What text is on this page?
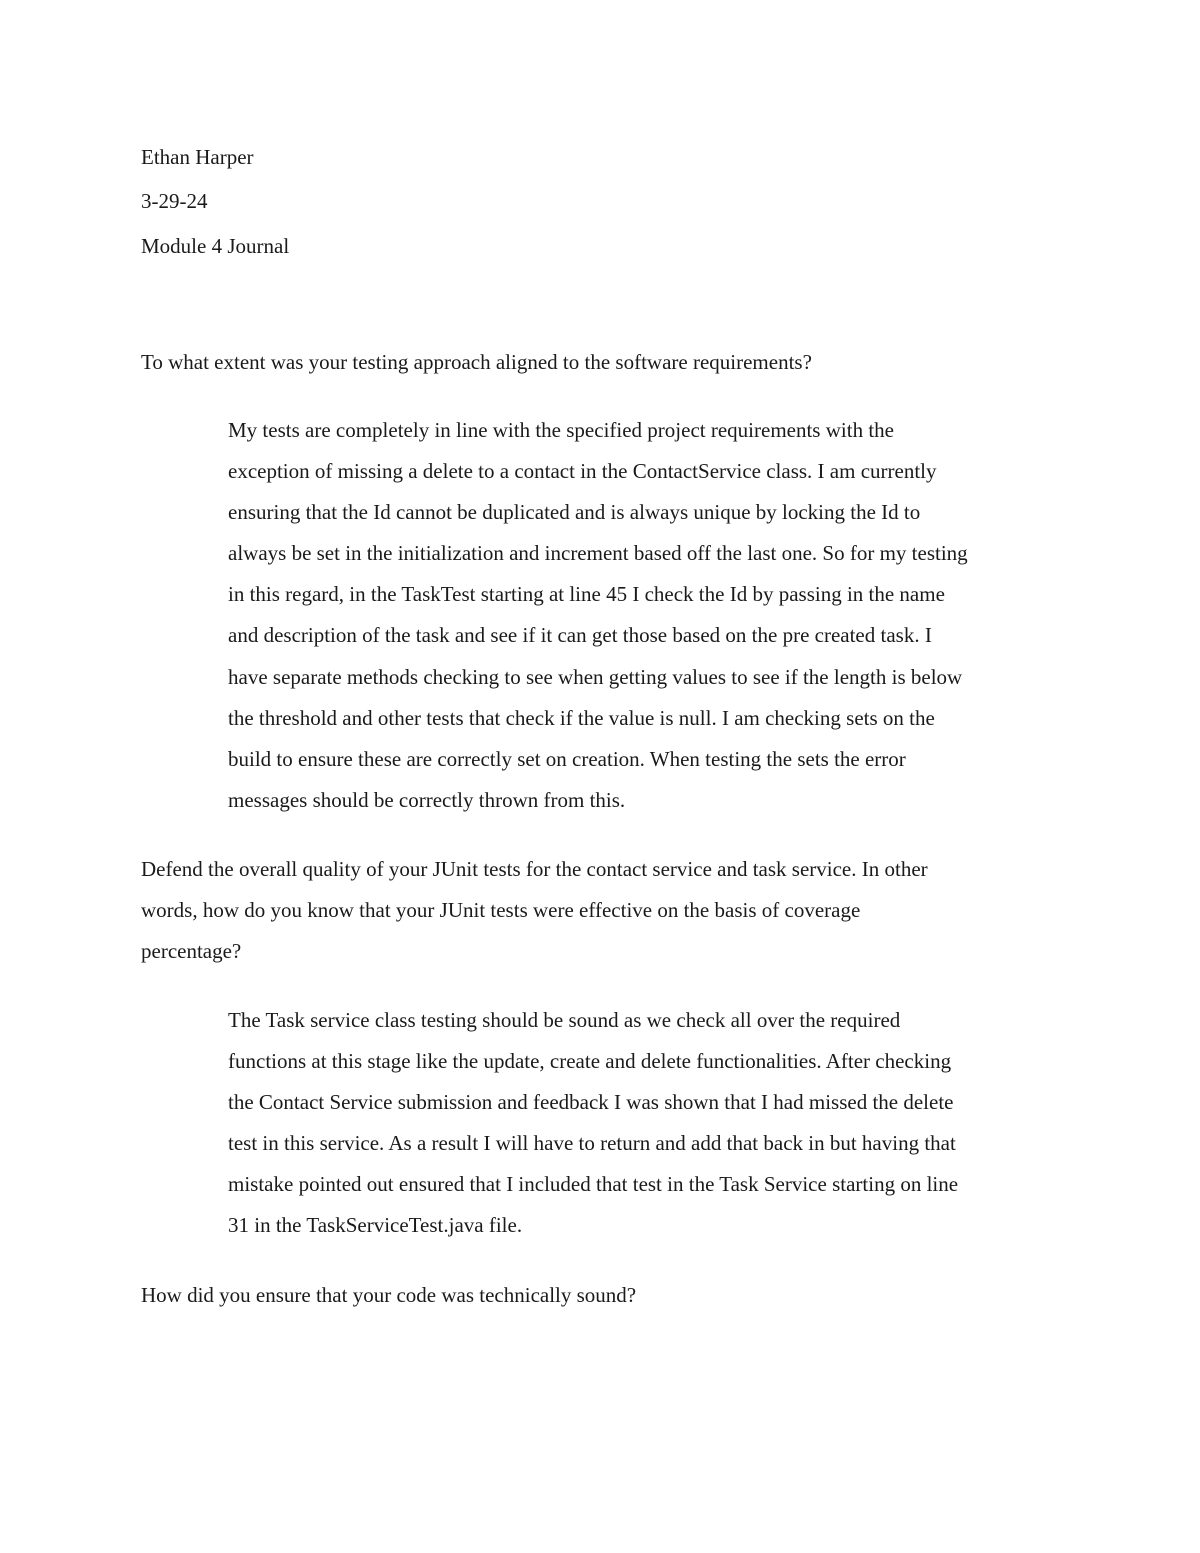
Ethan Harper
3-29-24
Module 4 Journal
To what extent was your testing approach aligned to the software requirements?
My tests are completely in line with the specified project requirements with the
exception of missing a delete to a contact in the ContactService class. I am currently
ensuring that the Id cannot be duplicated and is always unique by locking the Id to
always be set in the initialization and increment based off the last one. So for my testing
in this regard, in the TaskTest starting at line 45 I check the Id by passing in the name
and description of the task and see if it can get those based on the pre created task. I
have separate methods checking to see when getting values to see if the length is below
the threshold and other tests that check if the value is null. I am checking sets on the
build to ensure these are correctly set on creation. When testing the sets the error
messages should be correctly thrown from this.
Defend the overall quality of your JUnit tests for the contact service and task service. In other
words, how do you know that your JUnit tests were effective on the basis of coverage
percentage?
The Task service class testing should be sound as we check all over the required
functions at this stage like the update, create and delete functionalities. After checking
the Contact Service submission and feedback I was shown that I had missed the delete
test in this service. As a result I will have to return and add that back in but having that
mistake pointed out ensured that I included that test in the Task Service starting on line
31 in the TaskServiceTest.java file.
How did you ensure that your code was technically sound?
